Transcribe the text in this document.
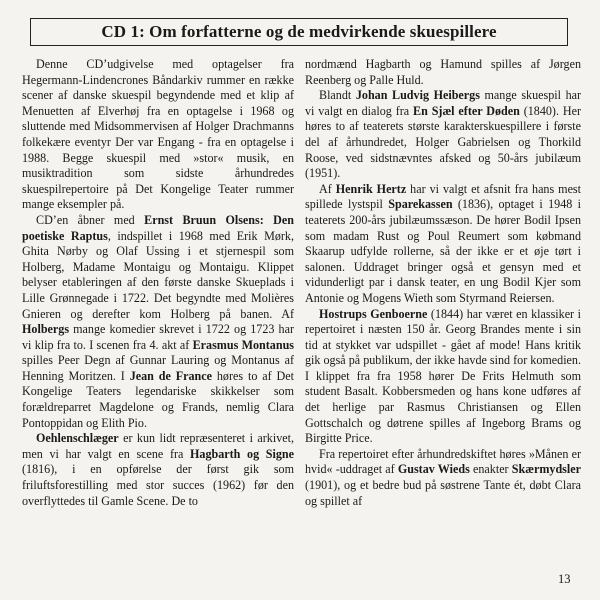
CD 1: Om forfatterne og de medvirkende skuespillere

Denne CD’udgivelse med optagelser fra Hegermann-Lindencrones Båndarkiv rummer en række scener af danske skuespil begyndende med et klip af Menuetten af Elverhøj fra en optagelse i 1968 og sluttende med Midsommervisen af Holger Drachmanns folkekære eventyr Der var Engang - fra en optagelse i 1988. Begge skuespil med »stor« musik, en musiktradition som sidste århundredes skuespilrepertoire på Det Kongelige Teater rummer mange eksempler på.

CD’en åbner med Ernst Bruun Olsens: Den poetiske Raptus, indspillet i 1968 med Erik Mørk, Ghita Nørby og Olaf Ussing i et stjernespil som Holberg, Madame Montaigu og Montaigu. Klippet belyser etableringen af den første danske Skueplads i Lille Grønnegade i 1722. Det begyndte med Molières Gnieren og derefter kom Holberg på banen. Af Holbergs mange komedier skrevet i 1722 og 1723 har vi klip fra to. I scenen fra 4. akt af Erasmus Montanus spilles Peer Degn af Gunnar Lauring og Montanus af Henning Moritzen. I Jean de France høres to af Det Kongelige Teaters legendariske skikkelser som forældreparret Magdelone og Frands, nemlig Clara Pontoppidan og Elith Pio.

Oehlenschlæger er kun lidt repræsenteret i arkivet, men vi har valgt en scene fra Hagbarth og Signe (1816), i en opførelse der først gik som friluftsforestilling med stor succes (1962) før den overflyttedes til Gamle Scene. De to

nordmænd Hagbarth og Hamund spilles af Jørgen Reenberg og Palle Huld.

Blandt Johan Ludvig Heibergs mange skuespil har vi valgt en dialog fra En Sjæl efter Døden (1840). Her høres to af teaterets største karakterskuespillere i første del af århundredet, Holger Gabrielsen og Thorkild Roose, ved sidstnævntes afsked og 50-års jubilæum (1951).

Af Henrik Hertz har vi valgt et afsnit fra hans mest spillede lystspil Sparekassen (1836), optaget i 1948 i teaterets 200-års jubilæumssæson. De hører Bodil Ipsen som madam Rust og Poul Reumert som købmand Skaarup udfylde rollerne, så der ikke er et øje tørt i salonen. Uddraget bringer også et gensyn med et vidunderligt par i dansk teater, en ung Bodil Kjer som Antonie og Mogens Wieth som Styrmand Reiersen.

Hostrups Genboerne (1844) har været en klassiker i repertoiret i næsten 150 år. Georg Brandes mente i sin tid at stykket var udspillet - gået af mode! Hans kritik gik også på publikum, der ikke havde sind for komedien. I klippet fra fra 1958 hører De Frits Helmuth som student Basalt. Kobbersmeden og hans kone udføres af det herlige par Rasmus Christiansen og Ellen Gottschalch og døtrene spilles af Ingeborg Brams og Birgitte Price.

Fra repertoiret efter århundredskiftet høres »Månen er hvid« -uddraget af Gustav Wieds enakter Skærmydsler (1901), og et bedre bud på søstrene Tante ét, døbt Clara og spillet af

13
